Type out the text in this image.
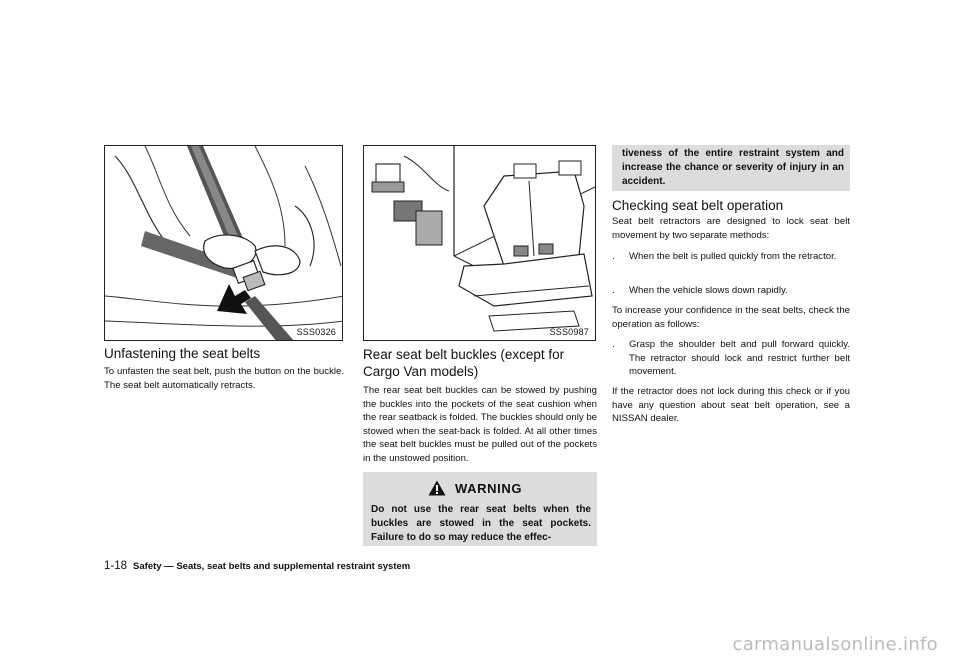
SSS0326	SSS0987
Unfastening the seat belts

To unfasten the seat belt, push the button on the buckle. The seat belt automatically retracts.

Rear seat belt buckles (except for Cargo Van models)

The rear seat belt buckles can be stowed by pushing the buckles into the pockets of the seat cushion when the rear seatback is folded. The buckles should only be stowed when the seat-back is folded. At all other times the seat belt buckles must be pulled out of the pockets in the unstowed position.

WARNING
Do not use the rear seat belts when the buckles are stowed in the seat pockets. Failure to do so may reduce the effec-
tiveness of the entire restraint system and increase the chance or severity of injury in an accident.
Checking seat belt operation

Seat belt retractors are designed to lock seat belt movement by two separate methods:

. When the belt is pulled quickly from the retractor.
. When the vehicle slows down rapidly.

To increase your confidence in the seat belts, check the operation as follows:

. Grasp the shoulder belt and pull forward quickly. The retractor should lock and restrict further belt movement.

If the retractor does not lock during this check or if you have any question about seat belt operation, see a NISSAN dealer.

1-18 Safety — Seats, seat belts and supplemental restraint system
carmanualsonline.info
